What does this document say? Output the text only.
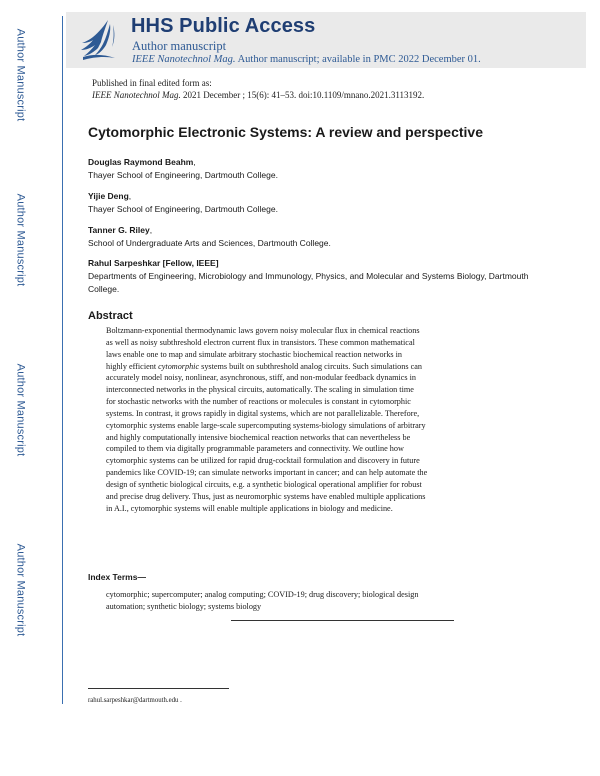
Author Manuscript
Author Manuscript
Author Manuscript
Author Manuscript
HHS Public Access
Author manuscript
IEEE Nanotechnol Mag. Author manuscript; available in PMC 2022 December 01.
Published in final edited form as:
IEEE Nanotechnol Mag. 2021 December ; 15(6): 41–53. doi:10.1109/mnano.2021.3113192.
Cytomorphic Electronic Systems: A review and perspective
Douglas Raymond Beahm,
Thayer School of Engineering, Dartmouth College.
Yijie Deng,
Thayer School of Engineering, Dartmouth College.
Tanner G. Riley,
School of Undergraduate Arts and Sciences, Dartmouth College.
Rahul Sarpeshkar [Fellow, IEEE]
Departments of Engineering, Microbiology and Immunology, Physics, and Molecular and Systems Biology, Dartmouth College.
Abstract
Boltzmann-exponential thermodynamic laws govern noisy molecular flux in chemical reactions
as well as noisy subthreshold electron current flux in transistors. These common mathematical
laws enable one to map and simulate arbitrary stochastic biochemical reaction networks in
highly efficient cytomorphic systems built on subthreshold analog circuits. Such simulations can
accurately model noisy, nonlinear, asynchronous, stiff, and non-modular feedback dynamics in
interconnected networks in the physical circuits, automatically. The scaling in simulation time
for stochastic networks with the number of reactions or molecules is constant in cytomorphic
systems. In contrast, it grows rapidly in digital systems, which are not parallelizable. Therefore,
cytomorphic systems enable large-scale supercomputing systems-biology simulations of arbitrary
and highly computationally intensive biochemical reaction networks that can nevertheless be
compiled to them via digitally programmable parameters and connectivity. We outline how
cytomorphic systems can be utilized for rapid drug-cocktail formulation and discovery in future
pandemics like COVID-19; can simulate networks important in cancer; and can help automate the
design of synthetic biological circuits, e.g. a synthetic biological operational amplifier for robust
and precise drug delivery. Thus, just as neuromorphic systems have enabled multiple applications
in A.I., cytomorphic systems will enable multiple applications in biology and medicine.
Index Terms—
cytomorphic; supercomputer; analog computing; COVID-19; drug discovery; biological design
automation; synthetic biology; systems biology
rahul.sarpeshkar@dartmouth.edu .
